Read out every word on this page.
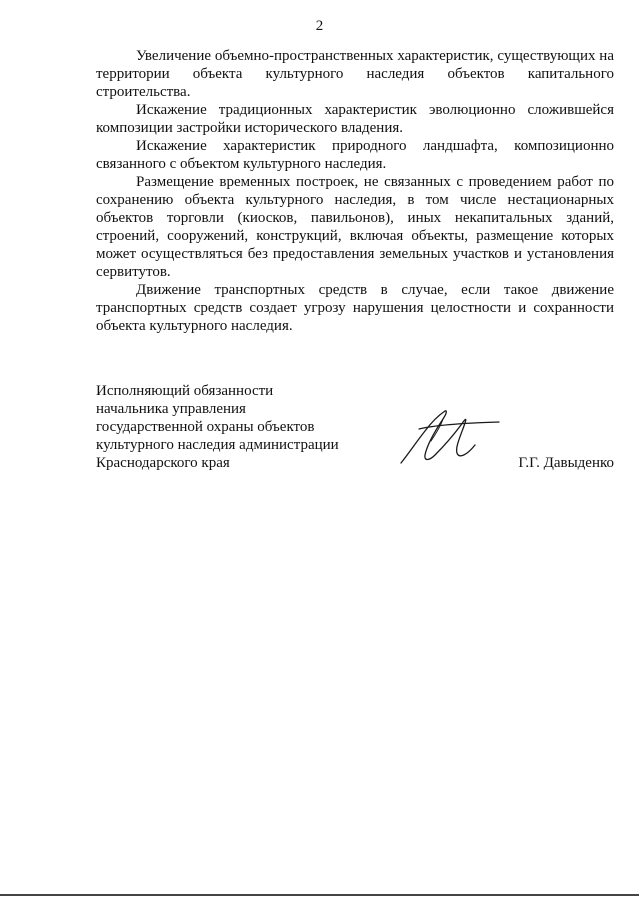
2

Увеличение объемно-пространственных характеристик, существующих на территории объекта культурного наследия объектов капитального строительства.

Искажение традиционных характеристик эволюционно сложившейся композиции застройки исторического владения.

Искажение характеристик природного ландшафта, композиционно связанного с объектом культурного наследия.

Размещение временных построек, не связанных с проведением работ по сохранению объекта культурного наследия, в том числе нестационарных объектов торговли (киосков, павильонов), иных некапитальных зданий, строений, сооружений, конструкций, включая объекты, размещение которых может осуществляться без предоставления земельных участков и установления сервитутов.

Движение транспортных средств в случае, если такое движение транспортных средств создает угрозу нарушения целостности и сохранности объекта культурного наследия.

Исполняющий обязанности
начальника управления
государственной охраны объектов
культурного наследия администрации
Краснодарского края	Г.Г. Давыденко
